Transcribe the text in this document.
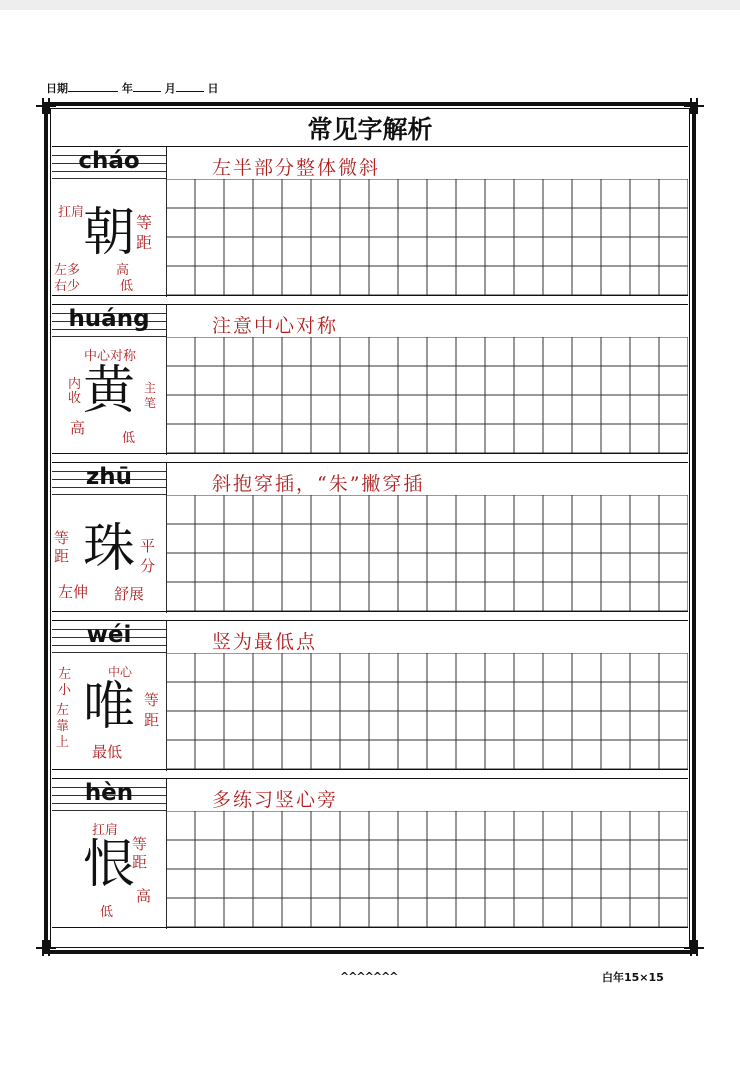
日期	年	月	日
常见字解析
cháo	左半部分整体微斜
朝
扛肩
等
距
左多
右少
高
低
huáng	注意中心对称
黄
中心对称
主笔
内
收
高
低
zhū	斜抱穿插，“朱”撇穿插
珠
等
距
平
分
左伸 舒展
wéi	竖为最低点
唯
左
小
左
靠
上
中心
等
距
最低
hèn	多练习竖心旁
恨
扛肩
等
距
高
低
^^^^^^^	白年15×15
